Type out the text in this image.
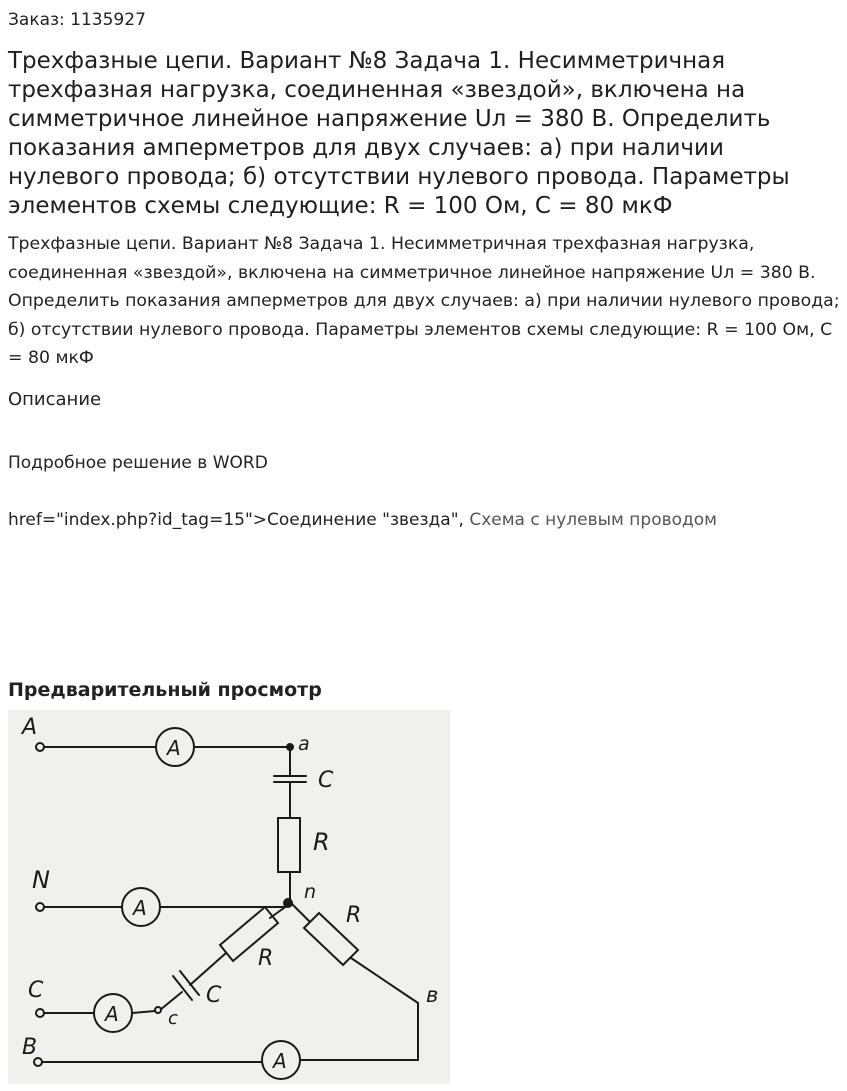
Заказ: 1135927
Трехфазные цепи. Вариант №8 Задача 1. Несимметричная трехфазная нагрузка, соединенная «звездой», включена на симметричное линейное напряжение Uл = 380 В. Определить показания амперметров для двух случаев: а) при наличии нулевого провода; б) отсутствии нулевого провода. Параметры элементов схемы следующие: R = 100 Ом, C = 80 мкФ
Трехфазные цепи. Вариант №8 Задача 1. Несимметричная трехфазная нагрузка, соединенная «звездой», включена на симметричное линейное напряжение Uл = 380 В. Определить показания амперметров для двух случаев: а) при наличии нулевого провода; б) отсутствии нулевого провода. Параметры элементов схемы следующие: R = 100 Ом, C = 80 мкФ
Описание
Подробное решение в WORD
href="index.php?id_tag=15">Соединение "звезда", Схема с нулевым проводом
Предварительный просмотр
A
a
A
C
R
N
A
n
R
R
C	в
C
A	c
B
A
